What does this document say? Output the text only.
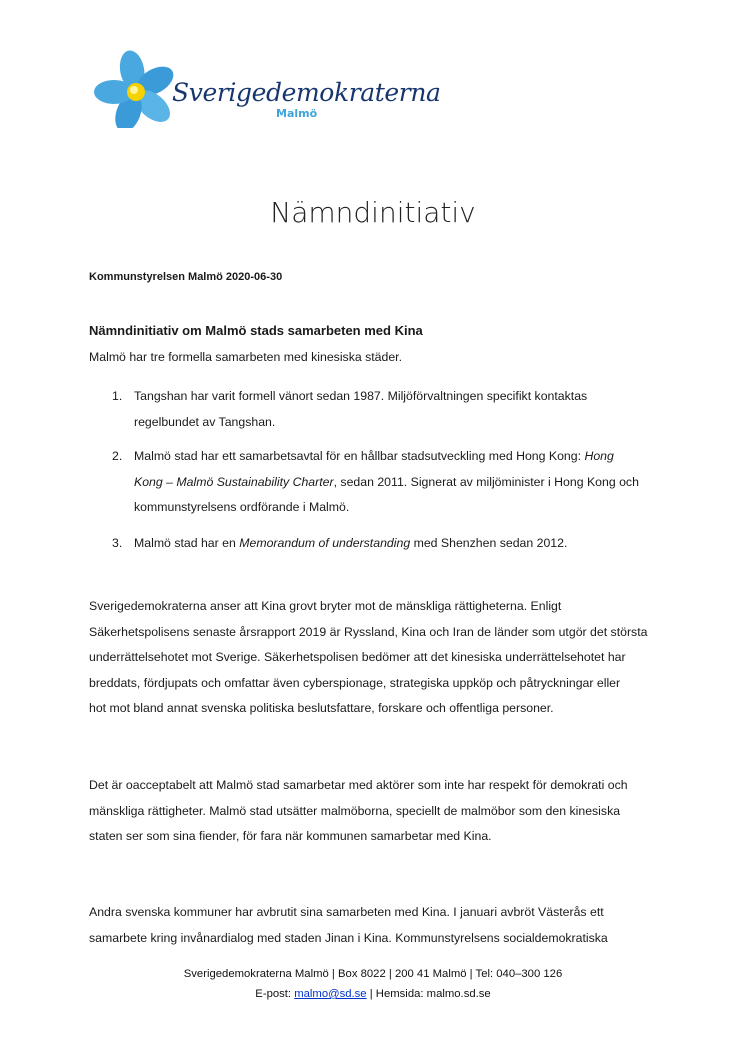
Sverigedemokraterna
Malmö
Nämndinitiativ
Kommunstyrelsen Malmö 2020-06-30
Nämndinitiativ om Malmö stads samarbeten med Kina
Malmö har tre formella samarbeten med kinesiska städer.
1. Tangshan har varit formell vänort sedan 1987. Miljöförvaltningen specifikt kontaktas
regelbundet av Tangshan.
2. Malmö stad har ett samarbetsavtal för en hållbar stadsutveckling med Hong Kong: Hong
Kong – Malmö Sustainability Charter, sedan 2011. Signerat av miljöminister i Hong Kong och
kommunstyrelsens ordförande i Malmö.
3. Malmö stad har en Memorandum of understanding med Shenzhen sedan 2012.
Sverigedemokraterna anser att Kina grovt bryter mot de mänskliga rättigheterna. Enligt
Säkerhetspolisens senaste årsrapport 2019 är Ryssland, Kina och Iran de länder som utgör det största
underrättelsehotet mot Sverige. Säkerhetspolisen bedömer att det kinesiska underrättelsehotet har
breddats, fördjupats och omfattar även cyberspionage, strategiska uppköp och påtryckningar eller
hot mot bland annat svenska politiska beslutsfattare, forskare och offentliga personer.
Det är oacceptabelt att Malmö stad samarbetar med aktörer som inte har respekt för demokrati och
mänskliga rättigheter. Malmö stad utsätter malmöborna, speciellt de malmöbor som den kinesiska
staten ser som sina fiender, för fara när kommunen samarbetar med Kina.
Andra svenska kommuner har avbrutit sina samarbeten med Kina. I januari avbröt Västerås ett
samarbete kring invånardialog med staden Jinan i Kina. Kommunstyrelsens socialdemokratiska
Sverigedemokraterna Malmö | Box 8022 | 200 41 Malmö | Tel: 040–300 126
E-post: malmo@sd.se | Hemsida: malmo.sd.se
